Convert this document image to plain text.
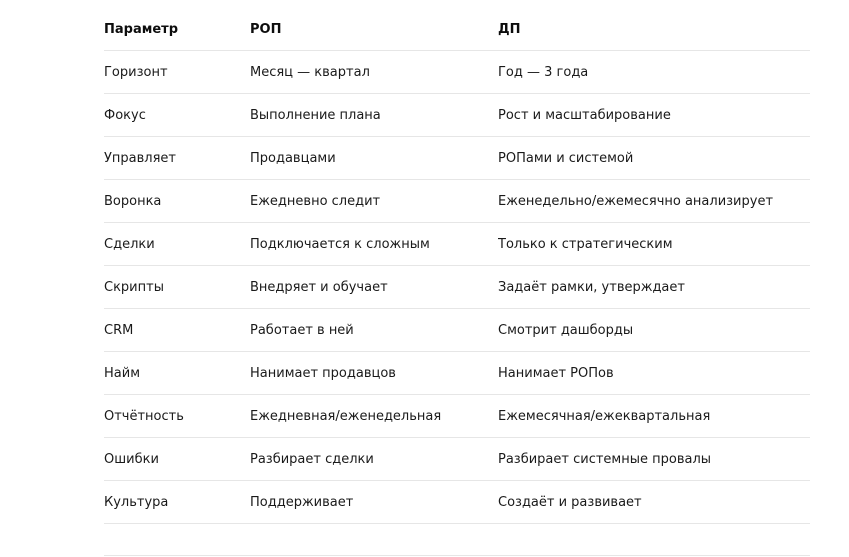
Параметр	РОП	ДП
Горизонт	Месяц — квартал	Год — 3 года
Фокус	Выполнение плана	Рост и масштабирование
Управляет	Продавцами	РОПами и системой
Воронка	Ежедневно следит	Еженедельно/ежемесячно анализирует
Сделки	Подключается к сложным	Только к стратегическим
Скрипты	Внедряет и обучает	Задаёт рамки, утверждает
CRM	Работает в ней	Смотрит дашборды
Найм	Нанимает продавцов	Нанимает РОПов
Отчётность	Ежедневная/еженедельная	Ежемесячная/ежеквартальная
Ошибки	Разбирает сделки	Разбирает системные провалы
Культура	Поддерживает	Создаёт и развивает
